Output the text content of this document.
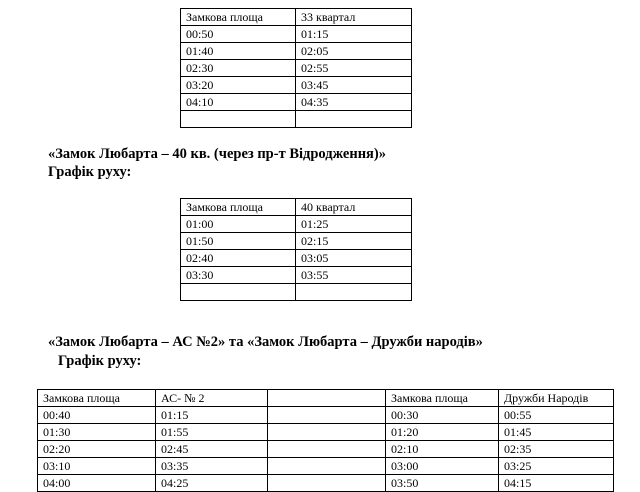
Замкова площа	33 квартал
00:50	01:15
01:40	02:05
02:30	02:55
03:20	03:45
04:10	04:35

«Замок Любарта – 40 кв. (через пр-т Відродження)»

Графік руху:

Замкова площа	40 квартал
01:00	01:25
01:50	02:15
02:40	03:05
03:30	03:55

«Замок Любарта – АС №2» та «Замок Любарта – Дружби народів»

Графік руху:

Замкова площа	АС- № 2		Замкова площа	Дружби Народів
00:40	01:15		00:30	00:55
01:30	01:55		01:20	01:45
02:20	02:45		02:10	02:35
03:10	03:35		03:00	03:25
04:00	04:25		03:50	04:15
